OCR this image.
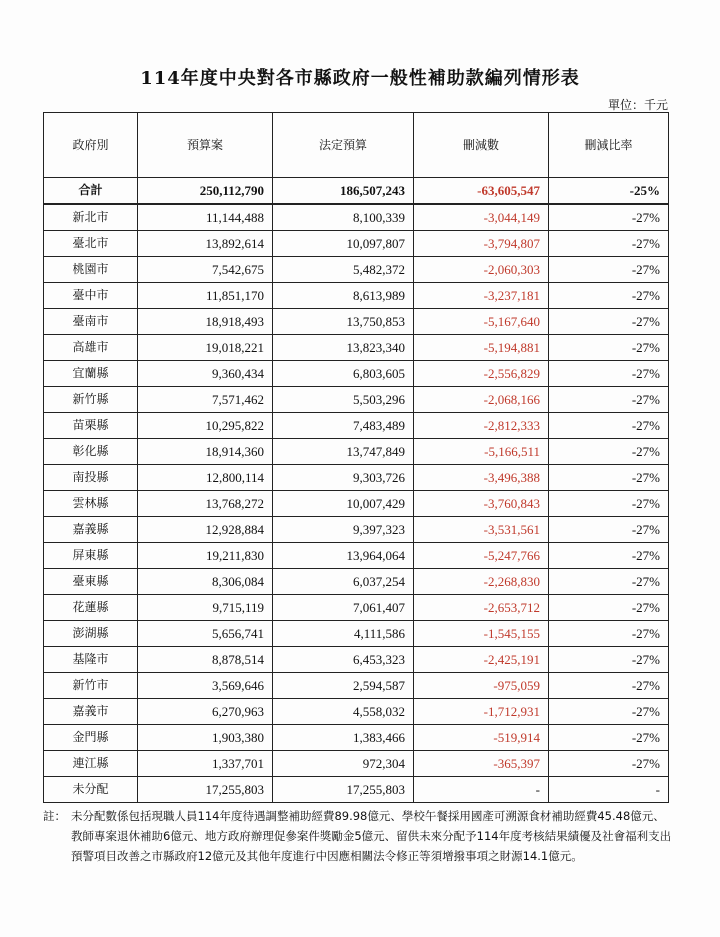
114年度中央對各市縣政府一般性補助款編列情形表
單位：千元
政府別	預算案	法定預算	刪減數	刪減比率
合計	250,112,790	186,507,243	-63,605,547	-25%
新北市	11,144,488	8,100,339	-3,044,149	-27%
臺北市	13,892,614	10,097,807	-3,794,807	-27%
桃園市	7,542,675	5,482,372	-2,060,303	-27%
臺中市	11,851,170	8,613,989	-3,237,181	-27%
臺南市	18,918,493	13,750,853	-5,167,640	-27%
高雄市	19,018,221	13,823,340	-5,194,881	-27%
宜蘭縣	9,360,434	6,803,605	-2,556,829	-27%
新竹縣	7,571,462	5,503,296	-2,068,166	-27%
苗栗縣	10,295,822	7,483,489	-2,812,333	-27%
彰化縣	18,914,360	13,747,849	-5,166,511	-27%
南投縣	12,800,114	9,303,726	-3,496,388	-27%
雲林縣	13,768,272	10,007,429	-3,760,843	-27%
嘉義縣	12,928,884	9,397,323	-3,531,561	-27%
屏東縣	19,211,830	13,964,064	-5,247,766	-27%
臺東縣	8,306,084	6,037,254	-2,268,830	-27%
花蓮縣	9,715,119	7,061,407	-2,653,712	-27%
澎湖縣	5,656,741	4,111,586	-1,545,155	-27%
基隆市	8,878,514	6,453,323	-2,425,191	-27%
新竹市	3,569,646	2,594,587	-975,059	-27%
嘉義市	6,270,963	4,558,032	-1,712,931	-27%
金門縣	1,903,380	1,383,466	-519,914	-27%
連江縣	1,337,701	972,304	-365,397	-27%
未分配	17,255,803	17,255,803	-	-
註： 未分配數係包括現職人員114年度待遇調整補助經費89.98億元、學校午餐採用國產可溯源食材補助經費45.48億元、教師專案退休補助6億元、地方政府辦理促參案件獎勵金5億元、留供未來分配予114年度考核結果績優及社會福利支出預警項目改善之市縣政府12億元及其他年度進行中因應相關法令修正等須增撥事項之財源14.1億元。
